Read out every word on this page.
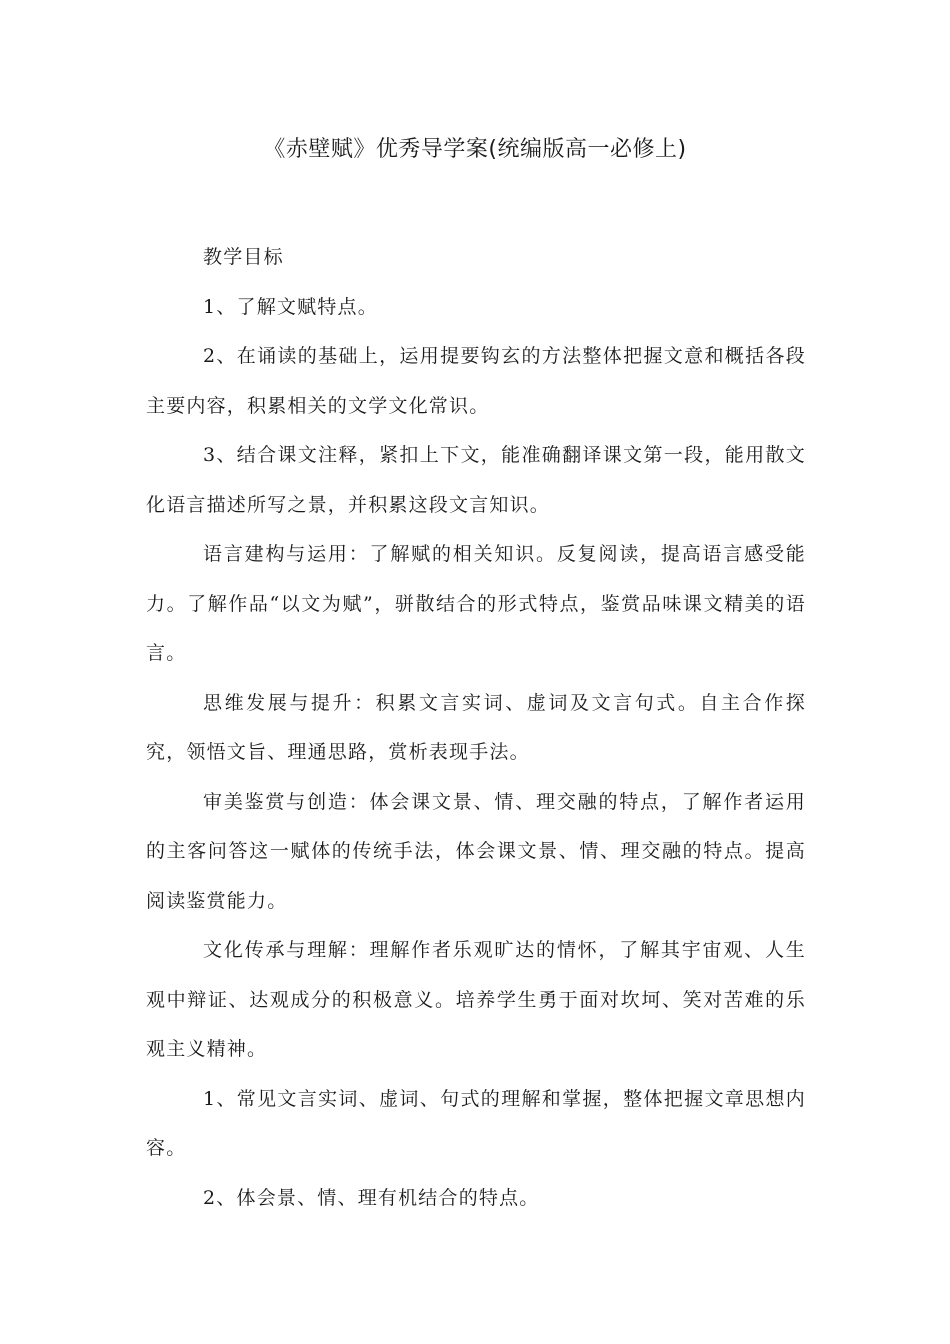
《赤壁赋》优秀导学案(统编版高一必修上)

教学目标

1、了解文赋特点。

2、在诵读的基础上，运用提要钩玄的方法整体把握文意和概括各段主要内容，积累相关的文学文化常识。

3、结合课文注释，紧扣上下文，能准确翻译课文第一段，能用散文化语言描述所写之景，并积累这段文言知识。

语言建构与运用：了解赋的相关知识。反复阅读，提高语言感受能力。了解作品“以文为赋”，骈散结合的形式特点，鉴赏品味课文精美的语言。

思维发展与提升：积累文言实词、虚词及文言句式。自主合作探究，领悟文旨、理通思路，赏析表现手法。

审美鉴赏与创造：体会课文景、情、理交融的特点，了解作者运用的主客问答这一赋体的传统手法，体会课文景、情、理交融的特点。提高阅读鉴赏能力。

文化传承与理解：理解作者乐观旷达的情怀，了解其宇宙观、人生观中辩证、达观成分的积极意义。培养学生勇于面对坎坷、笑对苦难的乐观主义精神。

1、常见文言实词、虚词、句式的理解和掌握，整体把握文章思想内容。

2、体会景、情、理有机结合的特点。
